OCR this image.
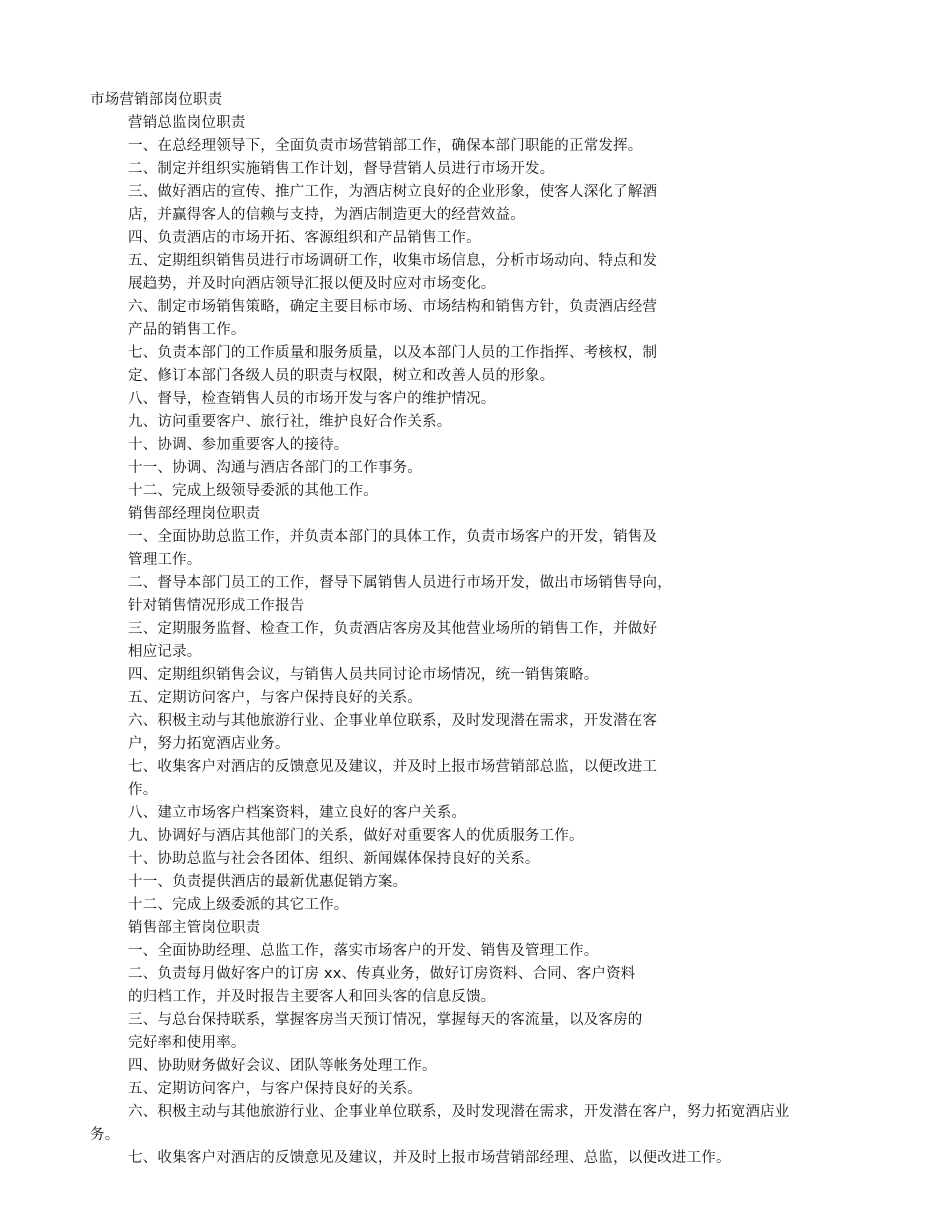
市场营销部岗位职责
营销总监岗位职责
一、在总经理领导下，全面负责市场营销部工作，确保本部门职能的正常发挥。
二、制定并组织实施销售工作计划，督导营销人员进行市场开发。
三、做好酒店的宣传、推广工作，为酒店树立良好的企业形象，使客人深化了解酒
店，并赢得客人的信赖与支持，为酒店制造更大的经营效益。
四、负责酒店的市场开拓、客源组织和产品销售工作。
五、定期组织销售员进行市场调研工作，收集市场信息，分析市场动向、特点和发
展趋势，并及时向酒店领导汇报以便及时应对市场变化。
六、制定市场销售策略，确定主要目标市场、市场结构和销售方针，负责酒店经营
产品的销售工作。
七、负责本部门的工作质量和服务质量，以及本部门人员的工作指挥、考核权，制
定、修订本部门各级人员的职责与权限，树立和改善人员的形象。
八、督导，检查销售人员的市场开发与客户的维护情况。
九、访问重要客户、旅行社，维护良好合作关系。
十、协调、参加重要客人的接待。
十一、协调、沟通与酒店各部门的工作事务。
十二、完成上级领导委派的其他工作。
销售部经理岗位职责
一、全面协助总监工作，并负责本部门的具体工作，负责市场客户的开发，销售及
管理工作。
二、督导本部门员工的工作，督导下属销售人员进行市场开发，做出市场销售导向，
针对销售情况形成工作报告
三、定期服务监督、检查工作，负责酒店客房及其他营业场所的销售工作，并做好
相应记录。
四、定期组织销售会议，与销售人员共同讨论市场情况，统一销售策略。
五、定期访问客户，与客户保持良好的关系。
六、积极主动与其他旅游行业、企事业单位联系，及时发现潜在需求，开发潜在客
户，努力拓宽酒店业务。
七、收集客户对酒店的反馈意见及建议，并及时上报市场营销部总监，以便改进工
作。
八、建立市场客户档案资料，建立良好的客户关系。
九、协调好与酒店其他部门的关系，做好对重要客人的优质服务工作。
十、协助总监与社会各团体、组织、新闻媒体保持良好的关系。
十一、负责提供酒店的最新优惠促销方案。
十二、完成上级委派的其它工作。
销售部主管岗位职责
一、全面协助经理、总监工作，落实市场客户的开发、销售及管理工作。
二、负责每月做好客户的订房 xx、传真业务，做好订房资料、合同、客户资料
的归档工作，并及时报告主要客人和回头客的信息反馈。
三、与总台保持联系，掌握客房当天预订情况，掌握每天的客流量，以及客房的
完好率和使用率。
四、协助财务做好会议、团队等帐务处理工作。
五、定期访问客户，与客户保持良好的关系。
六、积极主动与其他旅游行业、企事业单位联系，及时发现潜在需求，开发潜在客户，努力拓宽酒店业
务。
七、收集客户对酒店的反馈意见及建议，并及时上报市场营销部经理、总监，以便改进工作。
